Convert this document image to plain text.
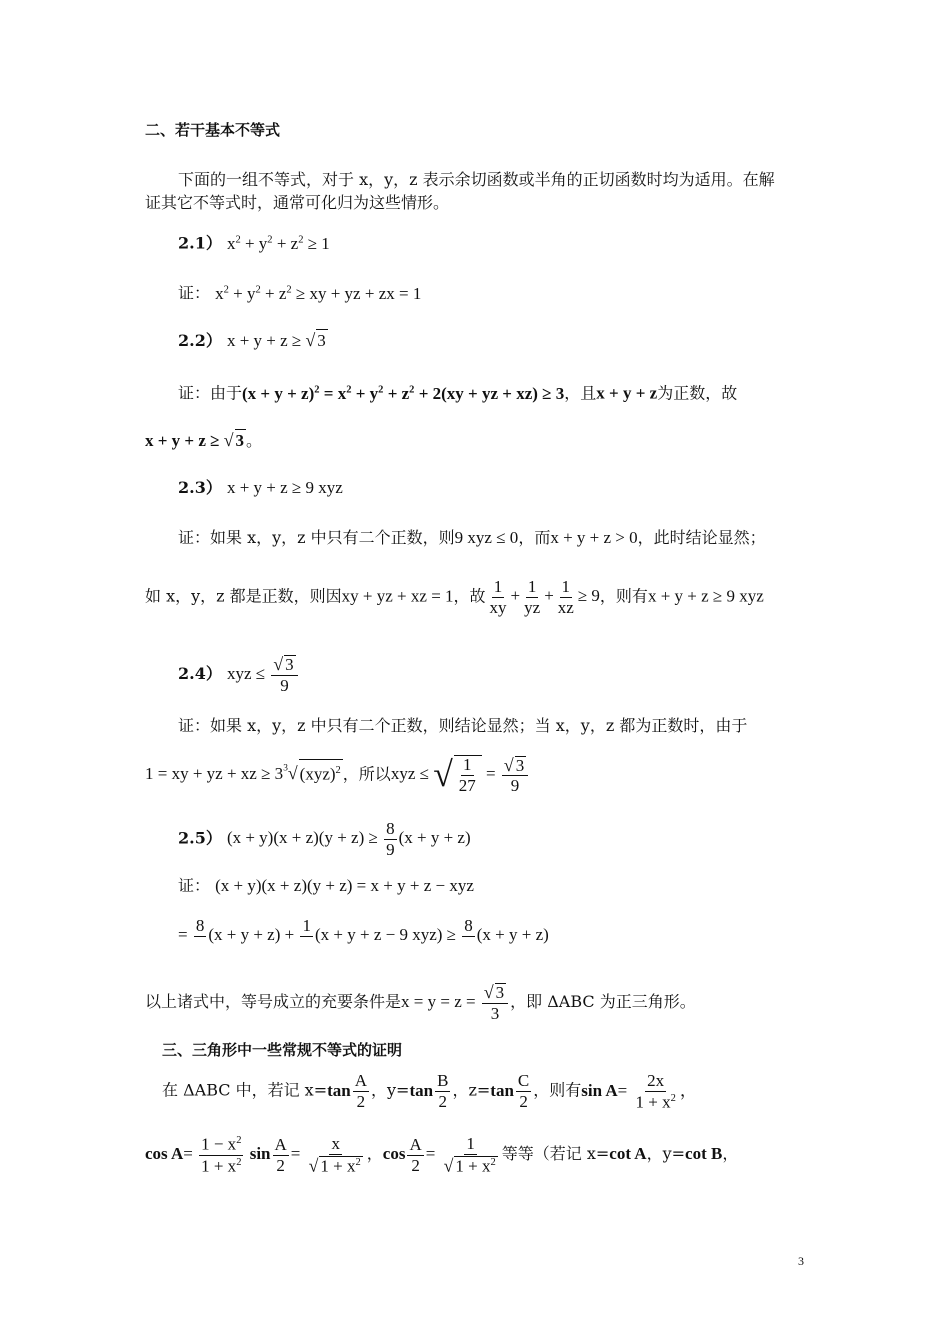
二、若干基本不等式
下面的一组不等式，对于 x，y，z 表示余切函数或半角的正切函数时均为适用。在解
证其它不等式时，通常可化归为这些情形。
2.1） $x^2 + y^2 + z^2 \ge 1$
证： $x^2 + y^2 + z^2$ ≥ xy + yz + zx = 1
2.2） x + y + z ≥ √ 3
证：由于$(x + y + z)^2 = x^2 + y^2 + z^2 + 2(xy$ + yz + xz) ≥ 3，且x + y + z为正数，故
x + y + z ≥ √ 3 。
2.3） x + y + z ≥ 9 xyz
证：如果 x，y，z 中只有二个正数，则9 xyz ≤ 0，而x + y + z > 0，此时结论显然；
如 x，y，z 都是正数，则因xy + yz + xz = 1，故 $\frac{1}{xy} + \frac{1}{yz} + \frac{1}{xz} \ge 9$，则有x + y + z ≥ 9 xyz
2.4） xyz ≤ $\frac{√ 3}{9}$
证：如果 x，y，z 中只有二个正数，则结论显然；当 x，y，z 都为正数时，由于
1 = xy + yz + xz ≥ $3^3√$ (xyz)$^2$ ，所以xyz ≤ √ $\frac{1}{27} = \frac{√ 3}{9}$
2.5） $(x + y)(x + z)(y + z) \ge \frac{8}{9} (x + y + z)$
证： (x + y)(x + z)(y + z) = x + y + z − xyz
= 8
(x + y + z) + 1
(x + y + z − 9 xyz) ≥ 8
(x + y + z)
以上诸式中，等号成立的充要条件是$x = y = z = \frac{√ 3}{3}$ ，即 ΔABC 为正三角形。
三、三角形中一些常规不等式的证明
在 ΔABC 中，若记 $x=\tan \frac{A}{2}$ ，$y=\tan \frac{B}{2}$ ，$z=\tan \frac{C}{2}$ ，则有$\sin A= \frac{2x}{1 + x^2}$ ，
$\cos A= \frac{1 - x^2}{1 + x^2}$ $\sin \frac{A}{2} = \frac{x}{√ 1 + x^2}$ ，$\cos \frac{A}{2} = \frac{1}{√ 1 + x^2}$ 等等（若记 x=cot A，y=cot B，
3
